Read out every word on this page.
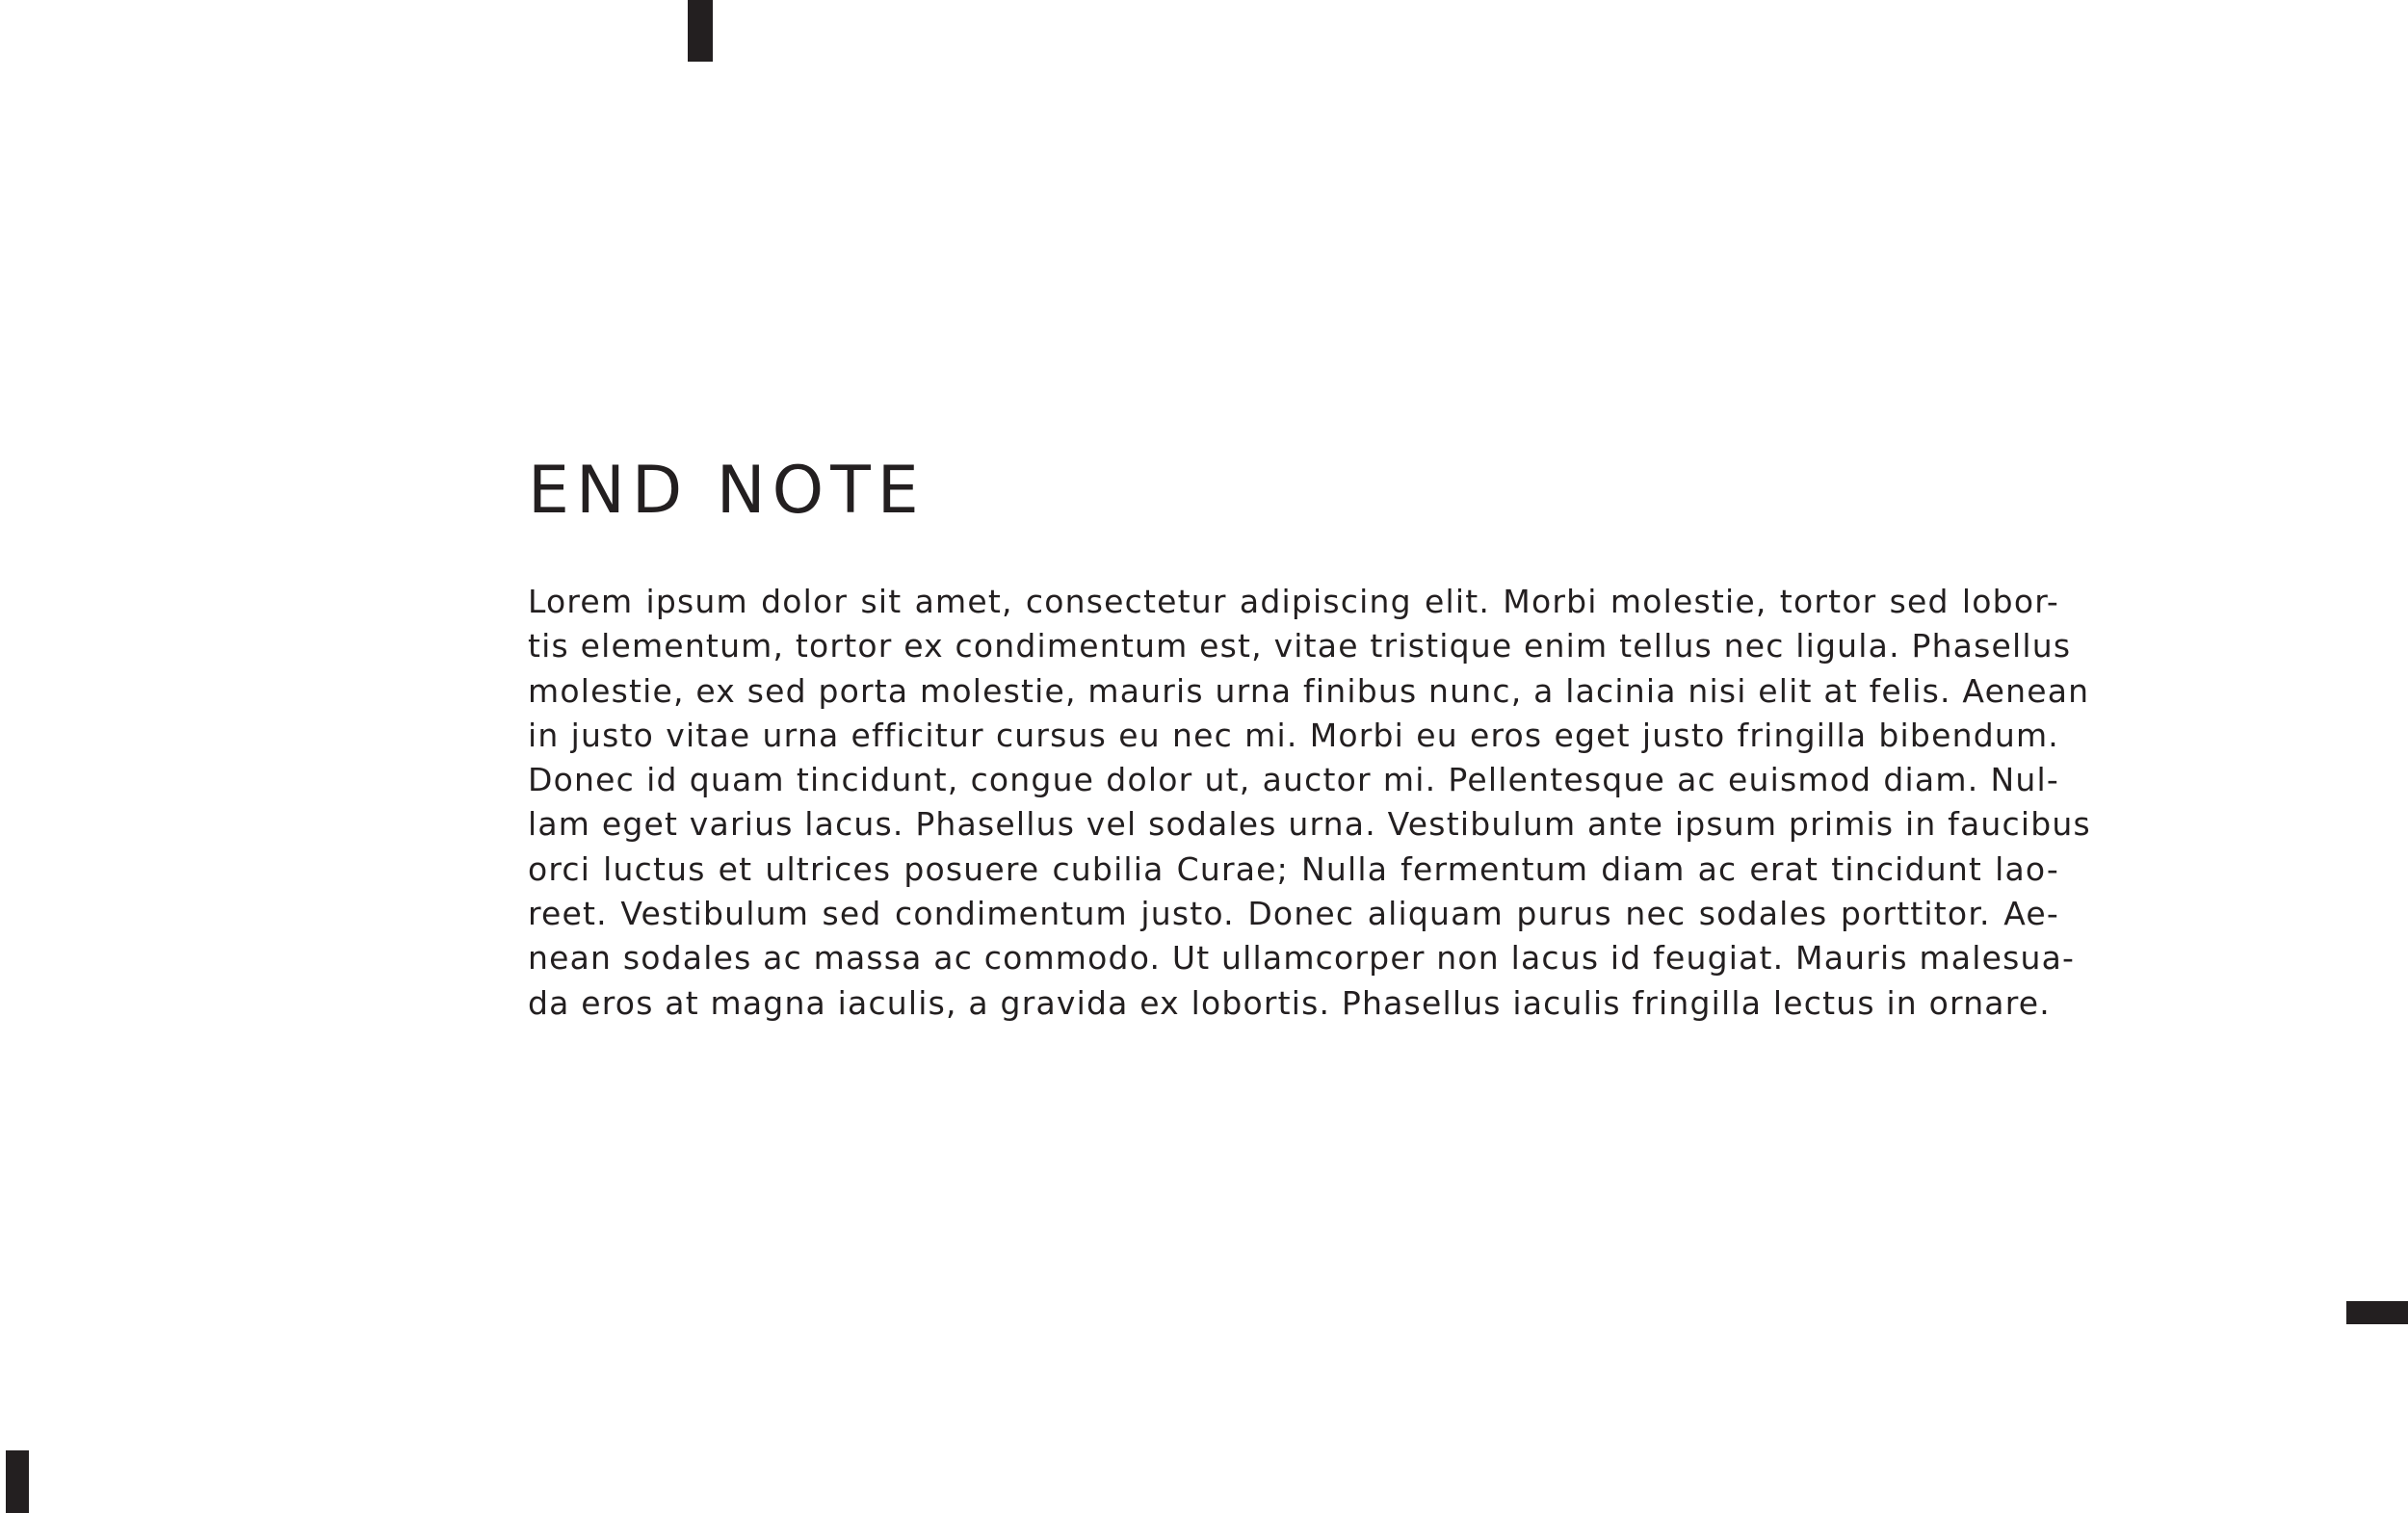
END NOTE
Lorem ipsum dolor sit amet, consectetur adipiscing elit. Morbi molestie, tortor sed lobor-
tis elementum, tortor ex condimentum est, vitae tristique enim tellus nec ligula. Phasellus
molestie, ex sed porta molestie, mauris urna finibus nunc, a lacinia nisi elit at felis. Aenean
in justo vitae urna efficitur cursus eu nec mi. Morbi eu eros eget justo fringilla bibendum.
Donec id quam tincidunt, congue dolor ut, auctor mi. Pellentesque ac euismod diam. Nul-
lam eget varius lacus. Phasellus vel sodales urna. Vestibulum ante ipsum primis in faucibus
orci luctus et ultrices posuere cubilia Curae; Nulla fermentum diam ac erat tincidunt lao-
reet. Vestibulum sed condimentum justo. Donec aliquam purus nec sodales porttitor. Ae-
nean sodales ac massa ac commodo. Ut ullamcorper non lacus id feugiat. Mauris malesua-
da eros at magna iaculis, a gravida ex lobortis. Phasellus iaculis fringilla lectus in ornare.
